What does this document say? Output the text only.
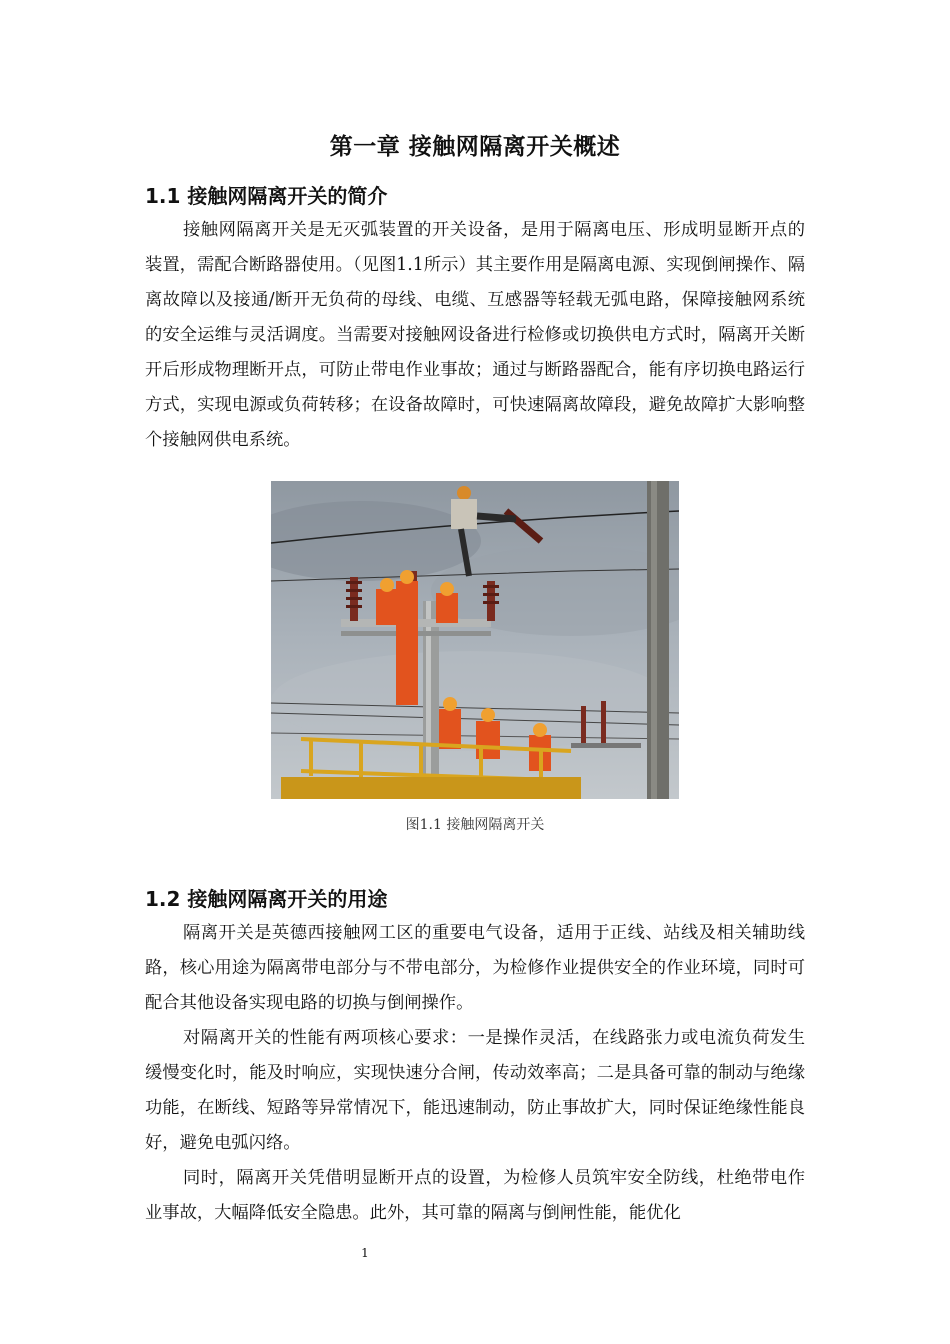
第一章 接触网隔离开关概述
1.1 接触网隔离开关的简介

接触网隔离开关是无灭弧装置的开关设备，是用于隔离电压、形成明显断开点的装置，需配合断路器使用。（见图1.1所示）其主要作用是隔离电源、实现倒闸操作、隔离故障以及接通/断开无负荷的母线、电缆、互感器等轻载无弧电路，保障接触网系统的安全运维与灵活调度。当需要对接触网设备进行检修或切换供电方式时，隔离开关断开后形成物理断开点，可防止带电作业事故；通过与断路器配合，能有序切换电路运行方式，实现电源或负荷转移；在设备故障时，可快速隔离故障段，避免故障扩大影响整个接触网供电系统。

图1.1 接触网隔离开关
1.2 接触网隔离开关的用途

隔离开关是英德西接触网工区的重要电气设备，适用于正线、站线及相关辅助线路，核心用途为隔离带电部分与不带电部分，为检修作业提供安全的作业环境，同时可配合其他设备实现电路的切换与倒闸操作。

对隔离开关的性能有两项核心要求：一是操作灵活，在线路张力或电流负荷发生缓慢变化时，能及时响应，实现快速分合闸，传动效率高；二是具备可靠的制动与绝缘功能，在断线、短路等异常情况下，能迅速制动，防止事故扩大，同时保证绝缘性能良好，避免电弧闪络。

同时，隔离开关凭借明显断开点的设置，为检修人员筑牢安全防线，杜绝带电作业事故，大幅降低安全隐患。此外，其可靠的隔离与倒闸性能，能优化

1
